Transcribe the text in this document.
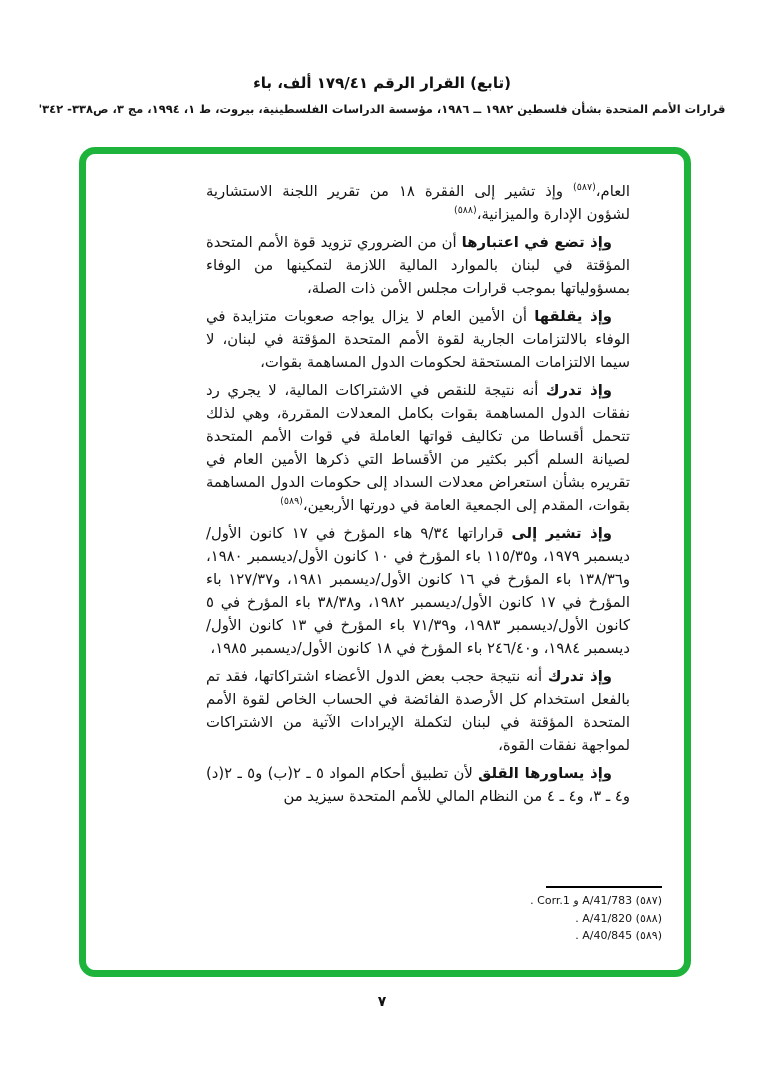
(تابع) القرار الرقم ١٧٩/٤١ ألف، باء
قرارات الأمم المتحدة بشأن فلسطين ١٩٨٢ ــ ١٩٨٦، مؤسسة الدراسات الفلسطينية، بيروت، ط ١، ١٩٩٤، مج ٣، ص٣٣٨- ٣٤٢'
العام،$^{(٥٨٧)}$ وإذ تشير إلى الفقرة ١٨ من تقرير اللجنة الاستشارية لشؤون الإدارة والميزانية،$^{(٥٨٨)}$
وإذ تضع في اعتبارها أن من الضروري تزويد قوة الأمم المتحدة المؤقتة في لبنان بالموارد المالية اللازمة لتمكينها من الوفاء بمسؤولياتها بموجب قرارات مجلس الأمن ذات الصلة،
وإذ يقلقها أن الأمين العام لا يزال يواجه صعوبات متزايدة في الوفاء بالالتزامات الجارية لقوة الأمم المتحدة المؤقتة في لبنان، لا سيما الالتزامات المستحقة لحكومات الدول المساهمة بقوات،
وإذ تدرك أنه نتيجة للنقص في الاشتراكات المالية، لا يجري رد نفقات الدول المساهمة بقوات بكامل المعدلات المقررة، وهي لذلك تتحمل أقساطا من تكاليف قواتها العاملة في قوات الأمم المتحدة لصيانة السلم أكبر بكثير من الأقساط التي ذكرها الأمين العام في تقريره بشأن استعراض معدلات السداد إلى حكومات الدول المساهمة بقوات، المقدم إلى الجمعية العامة في دورتها الأربعين،$^{(٥٨٩)}$
وإذ تشير إلى قراراتها ٩/٣٤ هاء المؤرخ في ١٧ كانون الأول/ديسمبر ١٩٧٩، و١١٥/٣٥ باء المؤرخ في ١٠ كانون الأول/ديسمبر ١٩٨٠، و١٣٨/٣٦ باء المؤرخ في ١٦ كانون الأول/ديسمبر ١٩٨١، و١٢٧/٣٧ باء المؤرخ في ١٧ كانون الأول/ديسمبر ١٩٨٢، و٣٨/٣٨ باء المؤرخ في ٥ كانون الأول/ديسمبر ١٩٨٣، و٧١/٣٩ باء المؤرخ في ١٣ كانون الأول/ديسمبر ١٩٨٤، و٢٤٦/٤٠ باء المؤرخ في ١٨ كانون الأول/ديسمبر ١٩٨٥،
وإذ تدرك أنه نتيجة حجب بعض الدول الأعضاء اشتراكاتها، فقد تم بالفعل استخدام كل الأرصدة الفائضة في الحساب الخاص لقوة الأمم المتحدة المؤقتة في لبنان لتكملة الإيرادات الآتية من الاشتراكات لمواجهة نفقات القوة،
وإذ يساورها القلق لأن تطبيق أحكام المواد ٥ ـ ٢(ب) و٥ ـ ٢(د) و٤ ـ ٣، و٤ ـ ٤ من النظام المالي للأمم المتحدة سيزيد من
(٥٨٧) A/41/783 و Corr.1 .
(٥٨٨) A/41/820 .
(٥٨٩) A/40/845 .
٧
